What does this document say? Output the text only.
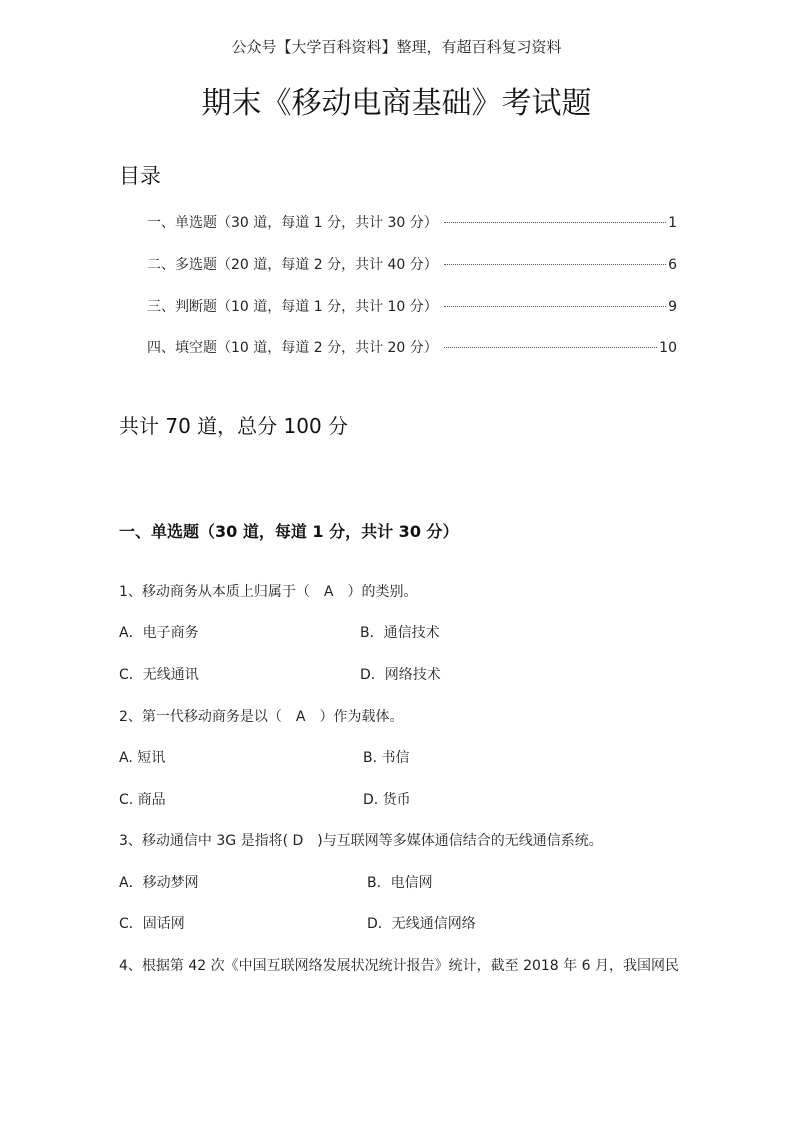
公众号【大学百科资料】整理，有超百科复习资料
期末《移动电商基础》考试题
目录
一、单选题（30 道，每道 1 分，共计 30 分）	1
二、多选题（20 道，每道 2 分，共计 40 分）	6
三、判断题（10 道，每道 1 分，共计 10 分）	9
四、填空题（10 道，每道 2 分，共计 20 分）	10
共计 70 道，总分 100 分
一、单选题（30 道，每道 1 分，共计 30 分）
1、移动商务从本质上归属于（　A　）的类别。
A．电子商务	B．通信技术
C．无线通讯	D．网络技术
2、第一代移动商务是以（　A　）作为载体。
A. 短讯	B. 书信
C. 商品	D. 货币
3、移动通信中 3G 是指将( D　)与互联网等多媒体通信结合的无线通信系统。
A．移动梦网	B．电信网
C．固话网	D．无线通信网络
4、根据第 42 次《中国互联网络发展状况统计报告》统计，截至 2018 年 6 月，我国网民
